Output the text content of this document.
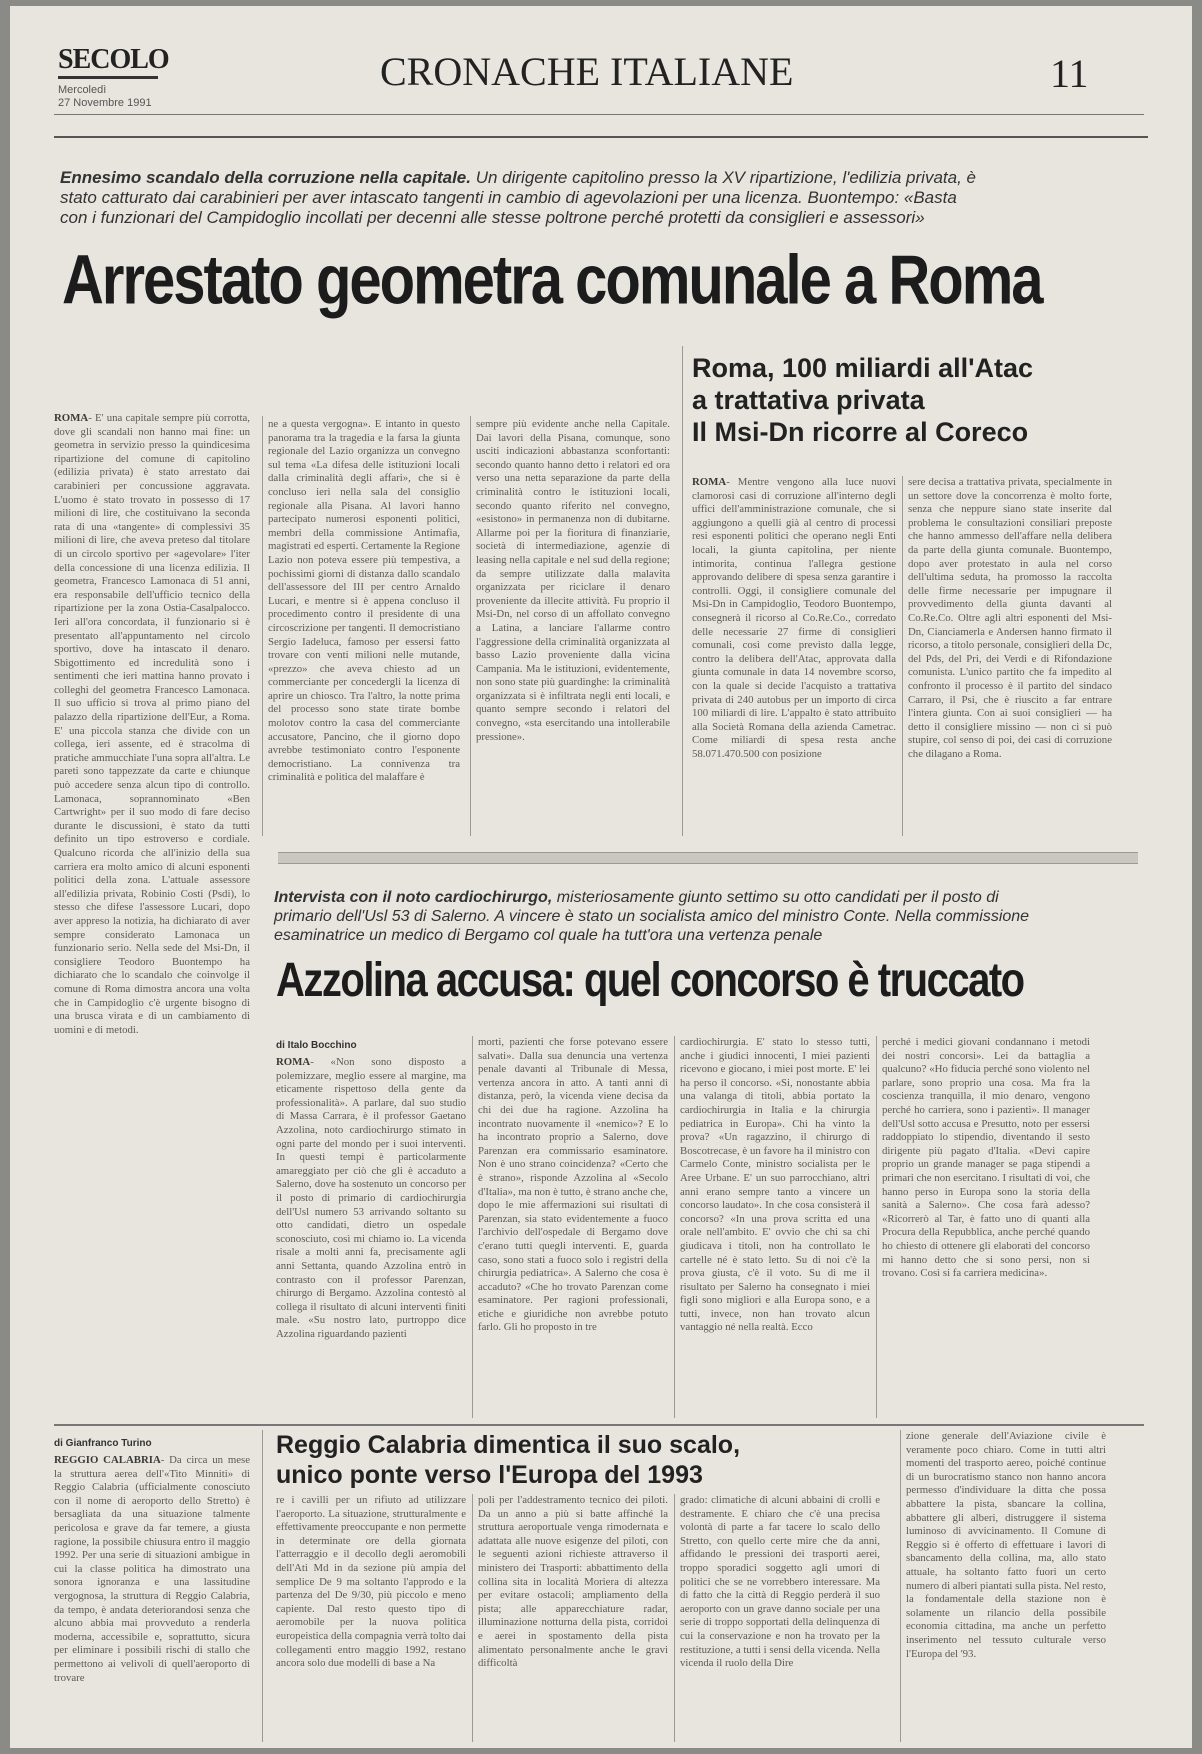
SECOLO
Mercoledì
27 Novembre 1991
CRONACHE ITALIANE	11
Ennesimo scandalo della corruzione nella capitale. Un dirigente capitolino presso la XV ripartizione, l'edilizia privata, è stato catturato dai carabinieri per aver intascato tangenti in cambio di agevolazioni per una licenza. Buontempo: «Basta con i funzionari del Campidoglio incollati per decenni alle stesse poltrone perché protetti da consiglieri e assessori»
Arrestato geometra comunale a Roma

ROMA- E' una capitale sempre più corrotta, dove gli scandali non hanno mai fine: un geometra in servizio presso la quindicesima ripartizione del comune di capitolino (edilizia privata) è stato arrestato dai carabinieri per concussione aggravata. L'uomo è stato trovato in possesso di 17 milioni di lire, che costituivano la seconda rata di una «tangente» di complessivi 35 milioni di lire, che aveva preteso dal titolare di un circolo sportivo per «agevolare» l'iter della concessione di una licenza edilizia. Il geometra, Francesco Lamonaca di 51 anni, era responsabile dell'ufficio tecnico della ripartizione per la zona Ostia-Casalpalocco. Ieri all'ora concordata, il funzionario si è presentato all'appuntamento nel circolo sportivo, dove ha intascato il denaro. Sbigottimento ed incredulità sono i sentimenti che ieri mattina hanno provato i colleghi del geometra Francesco Lamonaca. Il suo ufficio si trova al primo piano del palazzo della ripartizione dell'Eur, a Roma. E' una piccola stanza che divide con un collega, ieri assente, ed è stracolma di pratiche ammucchiate l'una sopra all'altra. Le pareti sono tappezzate da carte e chiunque può accedere senza alcun tipo di controllo. Lamonaca, soprannominato «Ben Cartwright» per il suo modo di fare deciso durante le discussioni, è stato da tutti definito un tipo estroverso e cordiale. Qualcuno ricorda che all'inizio della sua carriera era molto amico di alcuni esponenti politici della zona. L'attuale assessore all'edilizia privata, Robinio Costi (Psdi), lo stesso che difese l'assessore Lucari, dopo aver appreso la notizia, ha dichiarato di aver sempre considerato Lamonaca un funzionario serio. Nella sede del Msi-Dn, il consigliere Teodoro Buontempo ha dichiarato che lo scandalo che coinvolge il comune di Roma dimostra ancora una volta che in Campidoglio c'è urgente bisogno di una brusca virata e di un cambiamento di uomini e di metodi.

ne a questa vergogna». E intanto in questo panorama tra la tragedia e la farsa la giunta regionale del Lazio organizza un convegno sul tema «La difesa delle istituzioni locali dalla criminalità degli affari», che si è concluso ieri nella sala del consiglio regionale alla Pisana. Al lavori hanno partecipato numerosi esponenti politici, membri della commissione Antimafia, magistrati ed esperti. Certamente la Regione Lazio non poteva essere più tempestiva, a pochissimi giorni di distanza dallo scandalo dell'assessore del III per centro Arnaldo Lucari, e mentre si è appena concluso il procedimento contro il presidente di una circoscrizione per tangenti. Il democristiano Sergio Iadeluca, famoso per essersi fatto trovare con venti milioni nelle mutande, «prezzo» che aveva chiesto ad un commerciante per concedergli la licenza di aprire un chiosco. Tra l'altro, la notte prima del processo sono state tirate bombe molotov contro la casa del commerciante accusatore, Pancino, che il giorno dopo avrebbe testimoniato contro l'esponente democristiano. La connivenza tra criminalità e politica del malaffare è

sempre più evidente anche nella Capitale. Dai lavori della Pisana, comunque, sono usciti indicazioni abbastanza sconfortanti: secondo quanto hanno detto i relatori ed ora verso una netta separazione da parte della criminalità contro le istituzioni locali, secondo quanto riferito nel convegno, «esistono» in permanenza non di dubitarne. Allarme poi per la fioritura di finanziarie, società di intermediazione, agenzie di leasing nella capitale e nel sud della regione; da sempre utilizzate dalla malavita organizzata per riciclare il denaro proveniente da illecite attività. Fu proprio il Msi-Dn, nel corso di un affollato convegno a Latina, a lanciare l'allarme contro l'aggressione della criminalità organizzata al basso Lazio proveniente dalla vicina Campania. Ma le istituzioni, evidentemente, non sono state più guardinghe: la criminalità organizzata si è infiltrata negli enti locali, e quanto sempre secondo i relatori del convegno, «sta esercitando una intollerabile pressione».

Roma, 100 miliardi all'Atac
a trattativa privata
Il Msi-Dn ricorre al Coreco

ROMA- Mentre vengono alla luce nuovi clamorosi casi di corruzione all'interno degli uffici dell'amministrazione comunale, che si aggiungono a quelli già al centro di processi resi esponenti politici che operano negli Enti locali, la giunta capitolina, per niente intimorita, continua l'allegra gestione approvando delibere di spesa senza garantire i controlli. Oggi, il consigliere comunale del Msi-Dn in Campidoglio, Teodoro Buontempo, consegnerà il ricorso al Co.Re.Co., corredato delle necessarie 27 firme di consiglieri comunali, così come previsto dalla legge, contro la delibera dell'Atac, approvata dalla giunta comunale in data 14 novembre scorso, con la quale si decide l'acquisto a trattativa privata di 240 autobus per un importo di circa 100 miliardi di lire. L'appalto è stato attribuito alla Società Romana della azienda Cametrac. Come miliardi di spesa resta anche 58.071.470.500 con posizione

sere decisa a trattativa privata, specialmente in un settore dove la concorrenza è molto forte, senza che neppure siano state inserite dal problema le consultazioni consiliari preposte che hanno ammesso dell'affare nella delibera da parte della giunta comunale. Buontempo, dopo aver protestato in aula nel corso dell'ultima seduta, ha promosso la raccolta delle firme necessarie per impugnare il provvedimento della giunta davanti al Co.Re.Co. Oltre agli altri esponenti del Msi-Dn, Cianciamerla e Andersen hanno firmato il ricorso, a titolo personale, consiglieri della Dc, del Pds, del Pri, dei Verdi e di Rifondazione comunista. L'unico partito che fa impedito al confronto il processo è il partito del sindaco Carraro, il Psi, che è riuscito a far entrare l'intera giunta. Con ai suoi consiglieri — ha detto il consigliere missino — non ci si può stupire, col senso di poi, dei casi di corruzione che dilagano a Roma.

Intervista con il noto cardiochirurgo, misteriosamente giunto settimo su otto candidati per il posto di primario dell'Usl 53 di Salerno. A vincere è stato un socialista amico del ministro Conte. Nella commissione esaminatrice un medico di Bergamo col quale ha tutt'ora una vertenza penale
Azzolina accusa: quel concorso è truccato
di Italo Bocchino

ROMA- «Non sono disposto a polemizzare, meglio essere al margine, ma eticamente rispettoso della gente da professionalità». A parlare, dal suo studio di Massa Carrara, è il professor Gaetano Azzolina, noto cardiochirurgo stimato in ogni parte del mondo per i suoi interventi. In questi tempi è particolarmente amareggiato per ciò che gli è accaduto a Salerno, dove ha sostenuto un concorso per il posto di primario di cardiochirurgia dell'Usl numero 53 arrivando soltanto su otto candidati, dietro un ospedale sconosciuto, così mi chiamo io. La vicenda risale a molti anni fa, precisamente agli anni Settanta, quando Azzolina entrò in contrasto con il professor Parenzan, chirurgo di Bergamo. Azzolina contestò al collega il risultato di alcuni interventi finiti male. «Su nostro lato, purtroppo dice Azzolina riguardando pazienti

morti, pazienti che forse potevano essere salvati». Dalla sua denuncia una vertenza penale davanti al Tribunale di Messa, vertenza ancora in atto. A tanti anni di distanza, però, la vicenda viene decisa da chi dei due ha ragione. Azzolina ha incontrato nuovamente il «nemico»? E lo ha incontrato proprio a Salerno, dove Parenzan era commissario esaminatore. Non è uno strano coincidenza? «Certo che è strano», risponde Azzolina al «Secolo d'Italia», ma non è tutto, è strano anche che, dopo le mie affermazioni sui risultati di Parenzan, sia stato evidentemente a fuoco l'archivio dell'ospedale di Bergamo dove c'erano tutti quegli interventi. E, guarda caso, sono stati a fuoco solo i registri della chirurgia pediatrica». A Salerno che cosa è accaduto? «Che ho trovato Parenzan come esaminatore. Per ragioni professionali, etiche e giuridiche non avrebbe potuto farlo. Gli ho proposto in tre

cardiochirurgia. E' stato lo stesso tutti, anche i giudici innocenti, I miei pazienti ricevono e giocano, i miei post morte. E' lei ha perso il concorso. «Si, nonostante abbia una valanga di titoli, abbia portato la cardiochirurgia in Italia e la chirurgia pediatrica in Europa». Chi ha vinto la prova? «Un ragazzino, il chirurgo di Boscotrecase, è un favore ha il ministro con Carmelo Conte, ministro socialista per le Aree Urbane. E' un suo parrocchiano, altri anni erano sempre tanto a vincere un concorso laudato». In che cosa consisterà il concorso? «In una prova scritta ed una orale nell'ambito. E' ovvio che chi sa chi giudicava i titoli, non ha controllato le cartelle né è stato letto. Su di noi c'è la prova giusta, c'è il voto. Su di me il risultato per Salerno ha consegnato i miei figli sono migliori e alla Europa sono, e a tutti, invece, non han trovato alcun vantaggio né nella realtà. Ecco

perché i medici giovani condannano i metodi dei nostri concorsi». Lei da battaglia a qualcuno? «Ho fiducia perché sono violento nel parlare, sono proprio una cosa. Ma fra la coscienza tranquilla, il mio denaro, vengono perché ho carriera, sono i pazienti». Il manager dell'Usl sotto accusa e Presutto, noto per essersi raddoppiato lo stipendio, diventando il sesto dirigente più pagato d'Italia. «Devi capire proprio un grande manager se paga stipendi a primari che non esercitano. I risultati di voi, che hanno perso in Europa sono la storia della sanità a Salerno». Che cosa farà adesso? «Ricorrerò al Tar, è fatto uno di quanti alla Procura della Repubblica, anche perché quando ho chiesto di ottenere gli elaborati del concorso mi hanno detto che si sono persi, non si trovano. Così si fa carriera medicina».

di Gianfranco Turino

REGGIO CALABRIA- Da circa un mese la struttura aerea dell'«Tito Minniti» di Reggio Calabria (ufficialmente conosciuto con il nome di aeroporto dello Stretto) è bersagliata da una situazione talmente pericolosa e grave da far temere, a giusta ragione, la possibile chiusura entro il maggio 1992. Per una serie di situazioni ambigue in cui la classe politica ha dimostrato una sonora ignoranza e una lassitudine vergognosa, la struttura di Reggio Calabria, da tempo, è andata deteriorandosi senza che alcuno abbia mai provveduto a renderla moderna, accessibile e, soprattutto, sicura per eliminare i possibili rischi di stallo che permettono ai velivoli di quell'aeroporto di trovare

Reggio Calabria dimentica il suo scalo,
unico ponte verso l'Europa del 1993

re i cavilli per un rifiuto ad utilizzare l'aeroporto. La situazione, strutturalmente e effettivamente preoccupante e non permette in determinate ore della giornata l'atterraggio e il decollo degli aeromobili dell'Ati Md in da sezione più ampia del semplice De 9 ma soltanto l'approdo e la partenza del De 9/30, più piccolo e meno capiente. Dal resto questo tipo di aeromobile per la nuova politica europeistica della compagnia verrà tolto dai collegamenti entro maggio 1992, restano ancora solo due modelli di base a Na

poli per l'addestramento tecnico dei piloti. Da un anno a più si batte affinché la struttura aeroportuale venga rimodernata e adattata alle nuove esigenze del piloti, con le seguenti azioni richieste attraverso il ministero dei Trasporti: abbattimento della collina sita in località Moriera di altezza per evitare ostacoli; ampliamento della pista; alle apparecchiature radar, illuminazione notturna della pista, corridoi e aerei in spostamento della pista alimentato personalmente anche le gravi difficoltà

grado: climatiche di alcuni abbaini di crolli e destramente. E chiaro che c'è una precisa volontà di parte a far tacere lo scalo dello Stretto, con quello certe mire che da anni, affidando le pressioni dei trasporti aerei, troppo sporadici soggetto agli umori di politici che se ne vorrebbero interessare. Ma di fatto che la città di Reggio perderà il suo aeroporto con un grave danno sociale per una serie di troppo sopportati della delinquenza di cui la conservazione e non ha trovato per la restituzione, a tutti i sensi della vicenda. Nella vicenda il ruolo della Dire

zione generale dell'Aviazione civile è veramente poco chiaro. Come in tutti altri momenti del trasporto aereo, poiché continue di un burocratismo stanco non hanno ancora permesso d'individuare la ditta che possa abbattere la pista, sbancare la collina, abbattere gli alberi, distruggere il sistema luminoso di avvicinamento. Il Comune di Reggio si è offerto di effettuare i lavori di sbancamento della collina, ma, allo stato attuale, ha soltanto fatto fuori un certo numero di alberi piantati sulla pista. Nel resto, la fondamentale della stazione non è solamente un rilancio della possibile economia cittadina, ma anche un perfetto inserimento nel tessuto culturale verso l'Europa del '93.
